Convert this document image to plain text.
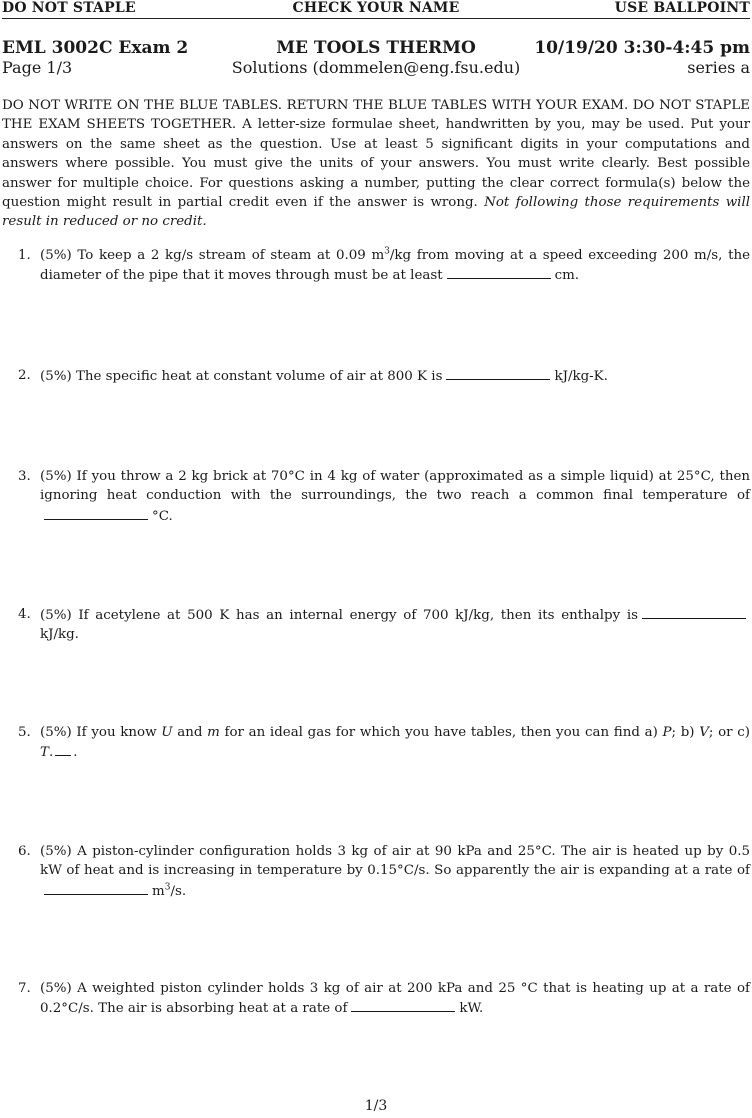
DO NOT STAPLE	CHECK YOUR NAME	USE BALLPOINT
EML 3002C Exam 2	ME TOOLS THERMO	10/19/20 3:30-4:45 pm
Page 1/3	Solutions (dommelen@eng.fsu.edu)	series a

DO NOT WRITE ON THE BLUE TABLES. RETURN THE BLUE TABLES WITH YOUR EXAM. DO NOT STAPLE THE EXAM SHEETS TOGETHER. A letter-size formulae sheet, handwritten by you, may be used. Put your answers on the same sheet as the question. Use at least 5 significant digits in your computations and answers where possible. You must give the units of your answers. You must write clearly. Best possible answer for multiple choice. For questions asking a number, putting the clear correct formula(s) below the question might result in partial credit even if the answer is wrong. Not following those requirements will result in reduced or no credit.

1. (5%) To keep a 2 kg/s stream of steam at 0.09 $m^3/kg$ from moving at a speed exceeding 200 m/s, the diameter of the pipe that it moves through must be at least	cm.
2. (5%) The specific heat at constant volume of air at 800 K is	kJ/kg-K.
3. (5%) If you throw a 2 kg brick at 70°C in 4 kg of water (approximated as a simple liquid) at 25°C, then ignoring heat conduction with the surroundings, the two reach a common final temperature of°C.
4. (5%) If acetylene at 500 K has an internal energy of 700 kJ/kg, then its enthalpy iskJ/kg.
5. (5%) If you know U and m for an ideal gas for which you have tables, then you can find a) P; b) V; or c) T. .
6. (5%) A piston-cylinder configuration holds 3 kg of air at 90 kPa and 25°C. The air is heated up by 0.5 kW of heat and is increasing in temperature by 0.15°C/s. So apparently the air is expanding at a rate ofm$^3$/s.
7. (5%) A weighted piston cylinder holds 3 kg of air at 200 kPa and 25 °C that is heating up at a rate of 0.2°C/s. The air is absorbing heat at a rate of	kW.
1/3
